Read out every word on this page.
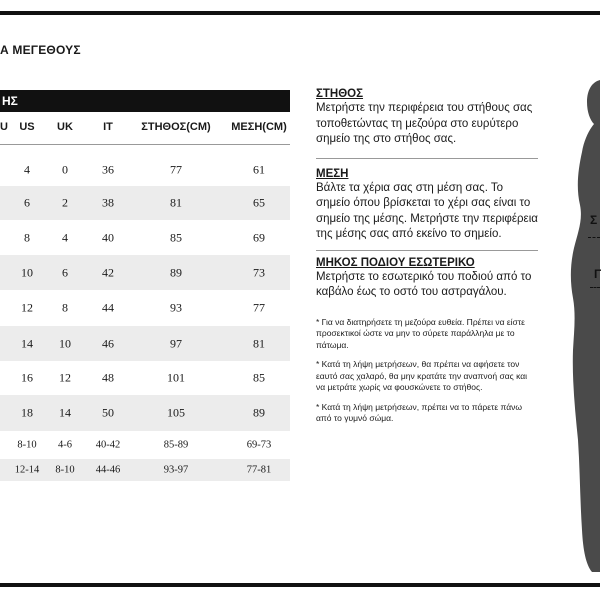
Α ΜΕΓΕΘΟΥΣ
ΗΣ
U	US	UK	IT	ΣΤΗΘΟΣ(CM)	ΜΕΣΗ(CM)
4	0	36	77	61
6	2	38	81	65
8	4	40	85	69
10	6	42	89	73
12	8	44	93	77
14	10	46	97	81
16	12	48	101	85
18	14	50	105	89
8-10	4-6	40-42	85-89	69-73
12-14	8-10	44-46	93-97	77-81

ΣΤΗΘΟΣ

Μετρήστε την περιφέρεια του στήθους σας τοποθετώντας τη μεζούρα στο ευρύτερο σημείο της στο στήθος σας.

ΜΕΣΗ

Βάλτε τα χέρια σας στη μέση σας. Το σημείο όπου βρίσκεται το χέρι σας είναι το σημείο της μέσης. Μετρήστε την περιφέρεια της μέσης σας από εκείνο το σημείο.

ΜΗΚΟΣ ΠΟΔΙΟΥ ΕΣΩΤΕΡΙΚΟ

Μετρήστε το εσωτερικό του ποδιού από το καβάλο έως το οστό του αστραγάλου.

* Για να διατηρήσετε τη μεζούρα ευθεία. Πρέπει να είστε προσεκτικοί ώστε να μην το σύρετε παράλληλα με το πάτωμα.

* Κατά τη λήψη μετρήσεων, θα πρέπει να αφήσετε τον εαυτό σας χαλαρό, θα μην κρατάτε την αναπνοή σας και να μετράτε χωρίς να φουσκώνετε το στήθος.

* Κατά τη λήψη μετρήσεων, πρέπει να το πάρετε πάνω από το γυμνό σώμα.

Σ
Γ
